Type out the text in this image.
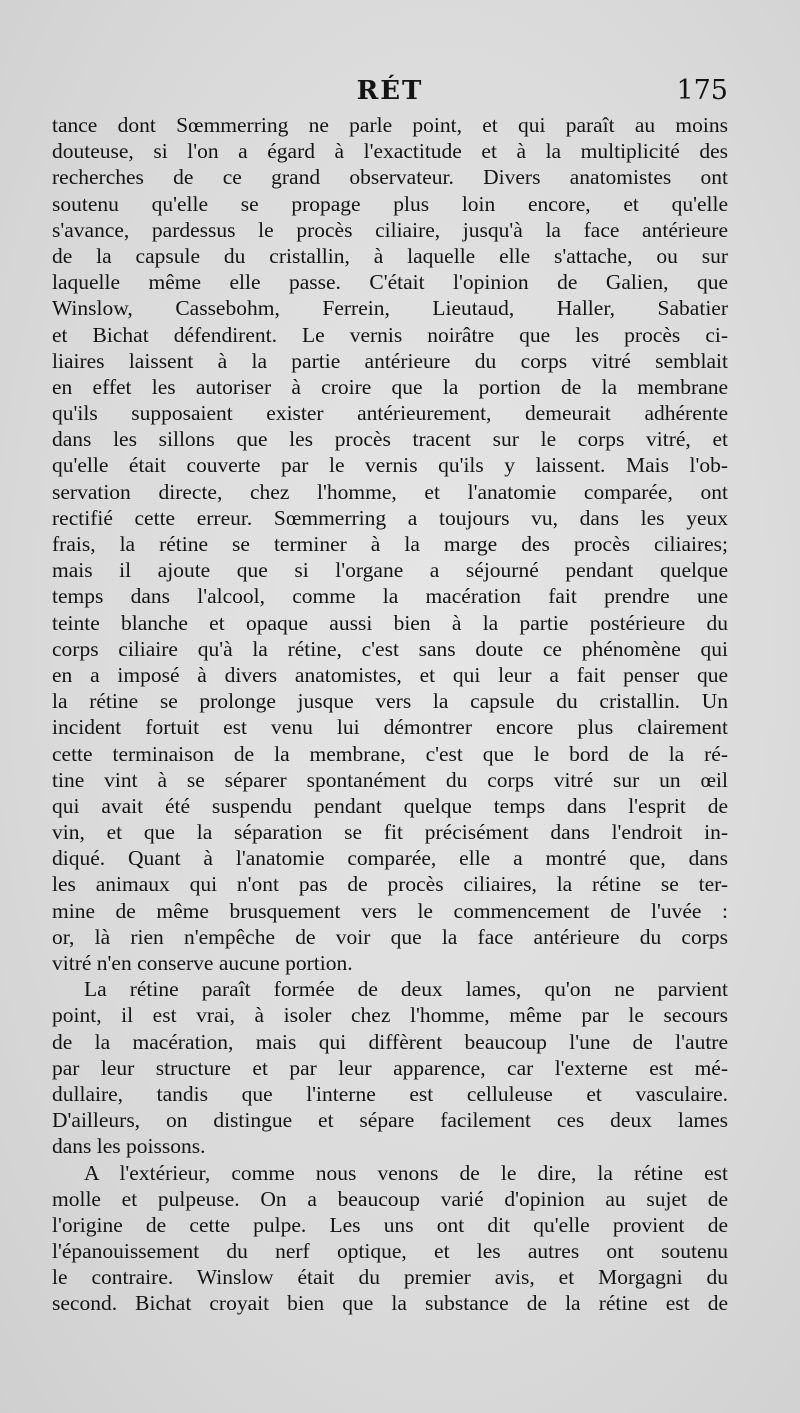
RÉT	175
tance dont Sœmmerring ne parle point, et qui paraît au moins
douteuse, si l'on a égard à l'exactitude et à la multiplicité des
recherches de ce grand observateur. Divers anatomistes ont
soutenu qu'elle se propage plus loin encore, et qu'elle
s'avance, pardessus le procès ciliaire, jusqu'à la face antérieure
de la capsule du cristallin, à laquelle elle s'attache, ou sur
laquelle même elle passe. C'était l'opinion de Galien, que
Winslow, Cassebohm, Ferrein, Lieutaud, Haller, Sabatier
et Bichat défendirent. Le vernis noirâtre que les procès ci-
liaires laissent à la partie antérieure du corps vitré semblait
en effet les autoriser à croire que la portion de la membrane
qu'ils supposaient exister antérieurement, demeurait adhérente
dans les sillons que les procès tracent sur le corps vitré, et
qu'elle était couverte par le vernis qu'ils y laissent. Mais l'ob-
servation directe, chez l'homme, et l'anatomie comparée, ont
rectifié cette erreur. Sœmmerring a toujours vu, dans les yeux
frais, la rétine se terminer à la marge des procès ciliaires;
mais il ajoute que si l'organe a séjourné pendant quelque
temps dans l'alcool, comme la macération fait prendre une
teinte blanche et opaque aussi bien à la partie postérieure du
corps ciliaire qu'à la rétine, c'est sans doute ce phénomène qui
en a imposé à divers anatomistes, et qui leur a fait penser que
la rétine se prolonge jusque vers la capsule du cristallin. Un
incident fortuit est venu lui démontrer encore plus clairement
cette terminaison de la membrane, c'est que le bord de la ré-
tine vint à se séparer spontanément du corps vitré sur un œil
qui avait été suspendu pendant quelque temps dans l'esprit de
vin, et que la séparation se fit précisément dans l'endroit in-
diqué. Quant à l'anatomie comparée, elle a montré que, dans
les animaux qui n'ont pas de procès ciliaires, la rétine se ter-
mine de même brusquement vers le commencement de l'uvée :
or, là rien n'empêche de voir que la face antérieure du corps
vitré n'en conserve aucune portion.
La rétine paraît formée de deux lames, qu'on ne parvient
point, il est vrai, à isoler chez l'homme, même par le secours
de la macération, mais qui diffèrent beaucoup l'une de l'autre
par leur structure et par leur apparence, car l'externe est mé-
dullaire, tandis que l'interne est celluleuse et vasculaire.
D'ailleurs, on distingue et sépare facilement ces deux lames
dans les poissons.
A l'extérieur, comme nous venons de le dire, la rétine est
molle et pulpeuse. On a beaucoup varié d'opinion au sujet de
l'origine de cette pulpe. Les uns ont dit qu'elle provient de
l'épanouissement du nerf optique, et les autres ont soutenu
le contraire. Winslow était du premier avis, et Morgagni du
second. Bichat croyait bien que la substance de la rétine est de
